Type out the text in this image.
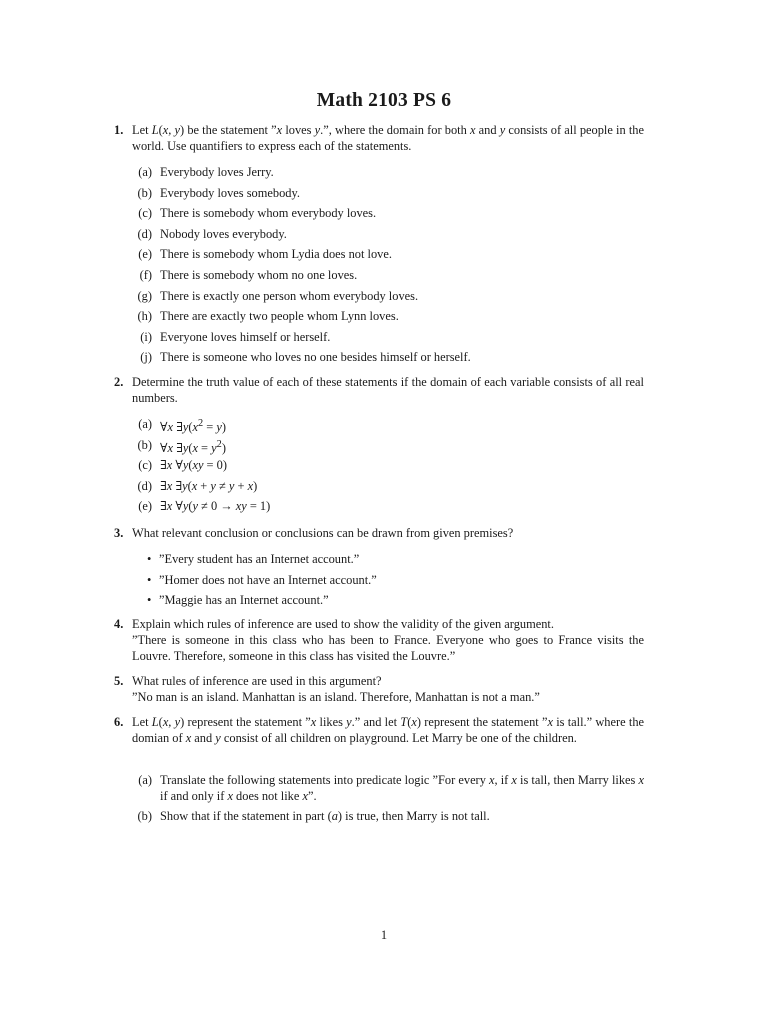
Math 2103 PS 6
1. Let L(x, y) be the statement ”x loves y.”, where the domain for both x and y consists of all people in the world. Use quantifiers to express each of the statements.
(a) Everybody loves Jerry.
(b) Everybody loves somebody.
(c) There is somebody whom everybody loves.
(d) Nobody loves everybody.
(e) There is somebody whom Lydia does not love.
(f) There is somebody whom no one loves.
(g) There is exactly one person whom everybody loves.
(h) There are exactly two people whom Lynn loves.
(i) Everyone loves himself or herself.
(j) There is someone who loves no one besides himself or herself.
2. Determine the truth value of each of these statements if the domain of each variable consists of all real numbers.
(a) ∀x $\exists y(x^2 = y)$
(b) ∀x ∃y(x = $y^2$)
(c) ∃x ∀y(xy = 0)
(d) ∃x ∃y(x + y ≠ y + x)
(e) ∃x ∀y(y ≠ 0 → xy = 1)
3. What relevant conclusion or conclusions can be drawn from given premises?
• ”Every student has an Internet account.”
• ”Homer does not have an Internet account.”
• ”Maggie has an Internet account.”
4. Explain which rules of inference are used to show the validity of the given argument.
”There is someone in this class who has been to France. Everyone who goes to France visits the Louvre. Therefore, someone in this class has visited the Louvre.”
5. What rules of inference are used in this argument?
”No man is an island. Manhattan is an island. Therefore, Manhattan is not a man.”
6. Let L(x, y) represent the statement ”x likes y.” and let T(x) represent the statement ”x is tall.” where the domian of x and y consist of all children on playground. Let Marry be one of the children.
(a) Translate the following statements into predicate logic ”For every x, if x is tall, then Marry likes x if and only if x does not like x”.
(b) Show that if the statement in part (a) is true, then Marry is not tall.
1
